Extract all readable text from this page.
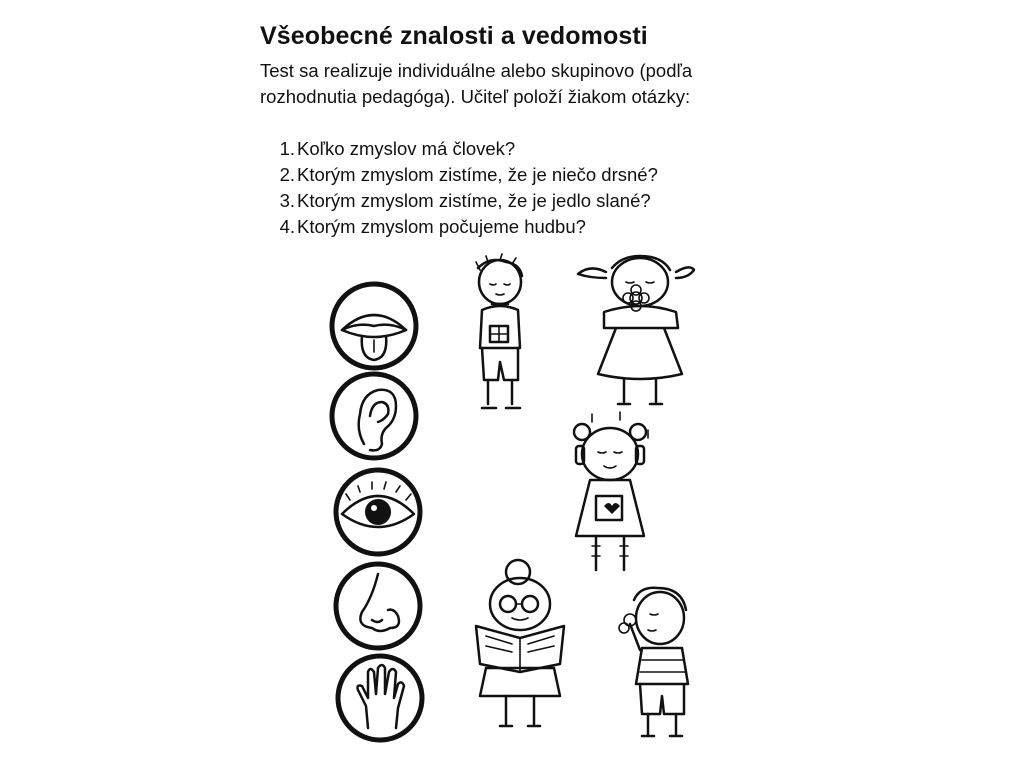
Všeobecné znalosti a vedomosti
Test sa realizuje individuálne alebo skupinovo (podľa rozhodnutia pedagóga). Učiteľ položí žiakom otázky:
1. Koľko zmyslov má človek?
2. Ktorým zmyslom zistíme, že je niečo drsné?
3. Ktorým zmyslom zistíme, že je jedlo slané?
4. Ktorým zmyslom počujeme hudbu?
